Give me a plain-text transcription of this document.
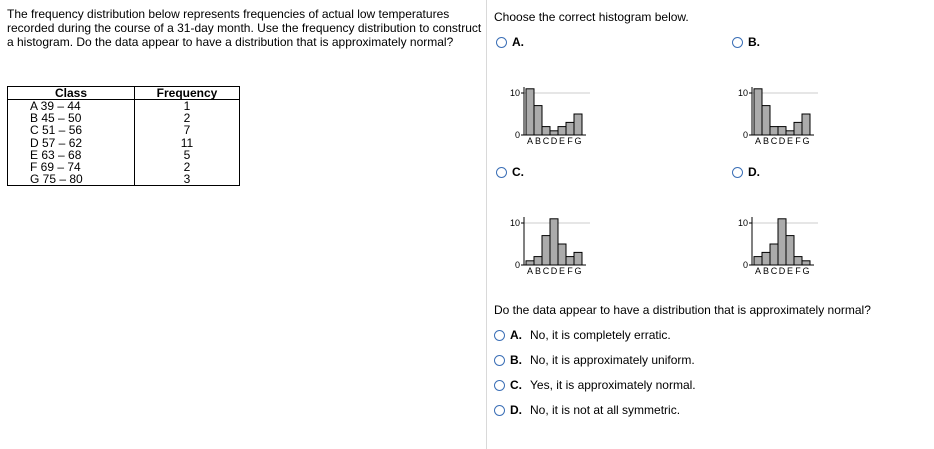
The frequency distribution below represents frequencies of actual low temperatures recorded during the course of a 31-day month. Use the frequency distribution to construct a histogram. Do the data appear to have a distribution that is approximately normal?

Class	Frequency
A 39 – 44	1
B 45 – 50	2
C 51 – 56	7
D 57 – 62	11
E 63 – 68	5
F 69 – 74	2
G 75 – 80	3
Choose the correct histogram below.
A.
10
0
A B C D E F G
B.
10
0
A B C D E F G
C.
10
0
A B C D E F G
D.
10
0
A B C D E F G
Do the data appear to have a distribution that is approximately normal?
A. No, it is completely erratic.
B. No, it is approximately uniform.
C. Yes, it is approximately normal.
D. No, it is not at all symmetric.
